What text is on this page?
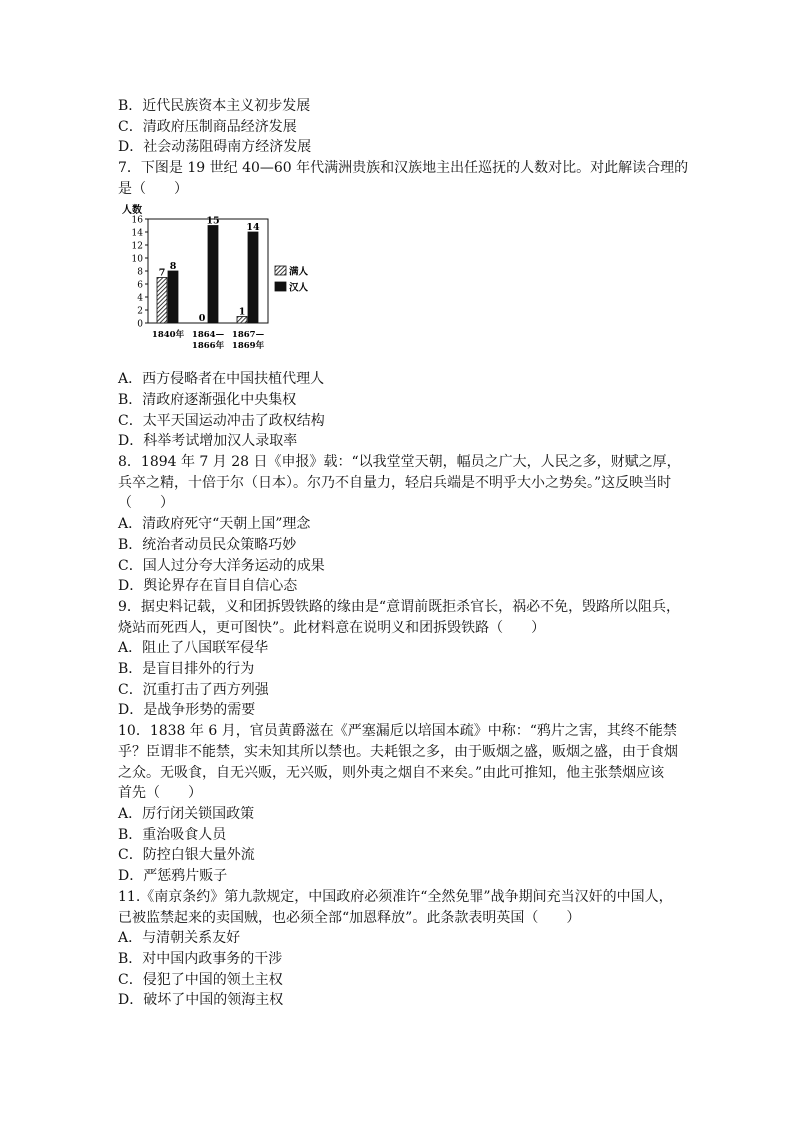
B．近代民族资本主义初步发展
C．清政府压制商品经济发展
D．社会动荡阻碍南方经济发展
7．下图是 19 世纪 40—60 年代满洲贵族和汉族地主出任巡抚的人数对比。对此解读合理的
是（　　）
人数
0
2
4
6
8
10
12
14
16
7
8
0
15
1
14
1840年 1864—
1866年
1867—
1869年
满人
汉人
A．西方侵略者在中国扶植代理人
B．清政府逐渐强化中央集权
C．太平天国运动冲击了政权结构
D．科举考试增加汉人录取率
8．1894 年 7 月 28 日《申报》载：“以我堂堂天朝，幅员之广大，人民之多，财赋之厚，
兵卒之精，十倍于尔（日本）。尔乃不自量力，轻启兵端是不明乎大小之势矣。”这反映当时
（　　）
A．清政府死守“天朝上国”理念
B．统治者动员民众策略巧妙
C．国人过分夸大洋务运动的成果
D．舆论界存在盲目自信心态
9．据史料记载，义和团拆毁铁路的缘由是“意谓前既拒杀官长，祸必不免，毁路所以阻兵，
烧站而死西人，更可图快”。此材料意在说明义和团拆毁铁路（　　）
A．阻止了八国联军侵华
B．是盲目排外的行为
C．沉重打击了西方列强
D．是战争形势的需要
10．1838 年 6 月，官员黄爵滋在《严塞漏卮以培国本疏》中称：“鸦片之害，其终不能禁
乎？臣谓非不能禁，实未知其所以禁也。夫耗银之多，由于贩烟之盛，贩烟之盛，由于食烟
之众。无吸食，自无兴贩，无兴贩，则外夷之烟自不来矣。”由此可推知，他主张禁烟应该
首先（　　）
A．厉行闭关锁国政策
B．重治吸食人员
C．防控白银大量外流
D．严惩鸦片贩子
11.《南京条约》第九款规定，中国政府必须准许“全然免罪”战争期间充当汉奸的中国人，
已被监禁起来的卖国贼，也必须全部“加恩释放”。此条款表明英国（　　）
A．与清朝关系友好
B．对中国内政事务的干涉
C．侵犯了中国的领土主权
D．破坏了中国的领海主权
